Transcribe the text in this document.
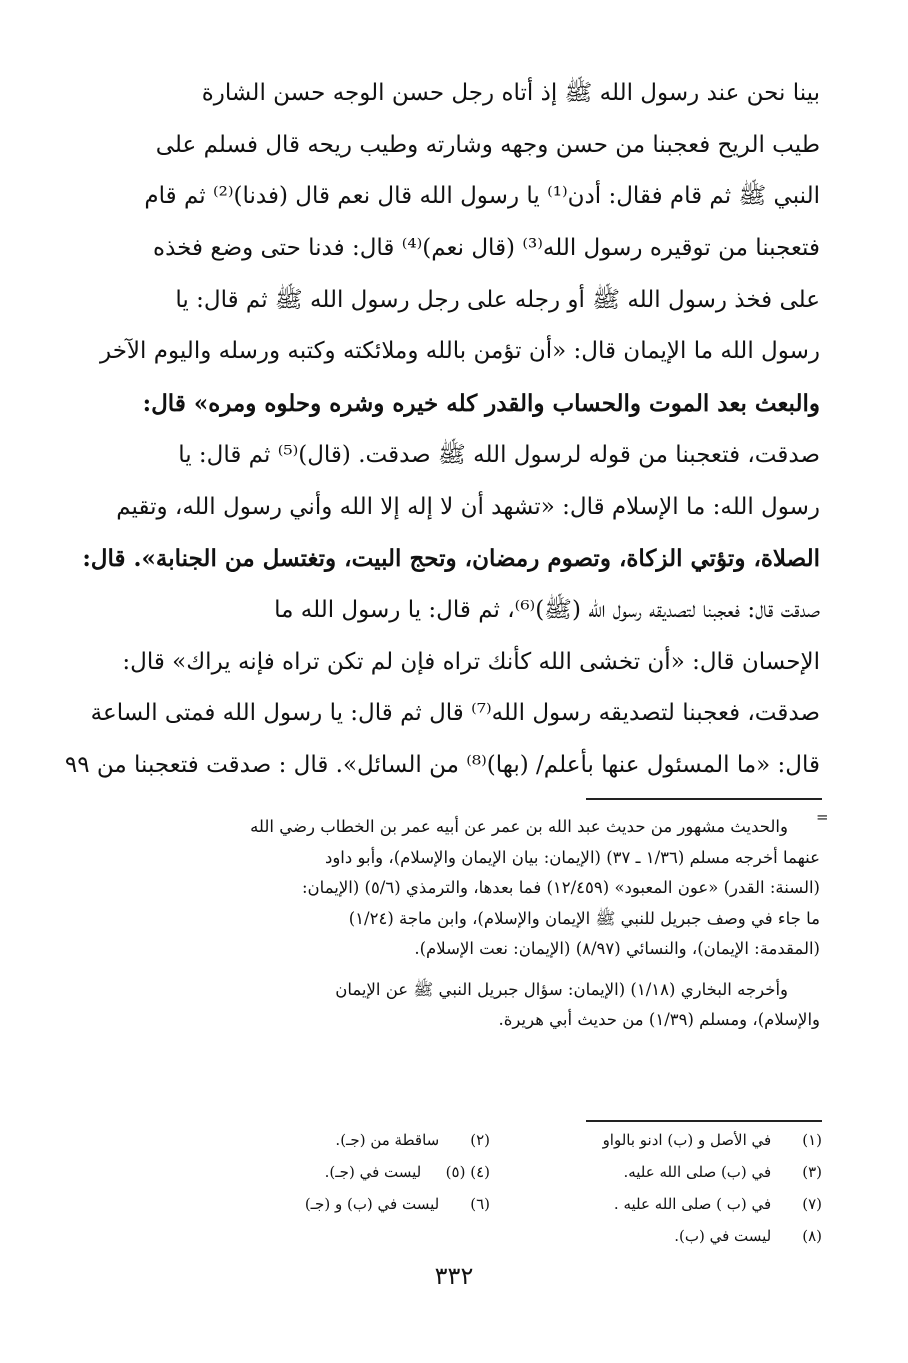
بينا نحن عند رسول الله ﷺ إذ أتاه رجل حسن الوجه حسن الشارة
طيب الريح فعجبنا من حسن وجهه وشارته وطيب ريحه قال فسلم على
النبي ﷺ ثم قام فقال: أدن⁽¹⁾ يا رسول الله قال نعم قال (فدنا)⁽²⁾ ثم قام
فتعجبنا من توقيره رسول الله⁽³⁾ (قال نعم)⁽⁴⁾ قال: فدنا حتى وضع فخذه
على فخذ رسول الله ﷺ أو رجله على رجل رسول الله ﷺ ثم قال: يا
رسول الله ما الإيمان قال: «أن تؤمن بالله وملائكته وكتبه ورسله واليوم الآخر
والبعث بعد الموت والحساب والقدر كله خيره وشره وحلوه ومره» قال:
صدقت، فتعجبنا من قوله لرسول الله ﷺ صدقت. (قال)⁽⁵⁾ ثم قال: يا
رسول الله: ما الإسلام قال: «تشهد أن لا إله إلا الله وأني رسول الله، وتقيم
الصلاة، وتؤتي الزكاة، وتصوم رمضان، وتحج البيت، وتغتسل من الجنابة». قال:
صدقت قال: فعجبنا لتصديقه رسول الله (ﷺ)⁽⁶⁾، ثم قال: يا رسول الله ما
الإحسان قال: «أن تخشى الله كأنك تراه فإن لم تكن تراه فإنه يراك» قال:
صدقت، فعجبنا لتصديقه رسول الله⁽⁷⁾ قال ثم قال: يا رسول الله فمتى الساعة
قال: «ما المسئول عنها بأعلم/ (بها)⁽⁸⁾ من السائل». قال : صدقت فتعجبنا من ٩٩
=
والحديث مشهور من حديث عبد الله بن عمر عن أبيه عمر بن الخطاب رضي الله
عنهما أخرجه مسلم (١/٣٦ ـ ٣٧) (الإيمان: بيان الإيمان والإسلام)، وأبو داود
(السنة: القدر) «عون المعبود» (١٢/٤٥٩) فما بعدها، والترمذي (٥/٦) (الإيمان:
ما جاء في وصف جبريل للنبي ﷺ الإيمان والإسلام)، وابن ماجة (١/٢٤)
(المقدمة: الإيمان)، والنسائي (٨/٩٧) (الإيمان: نعت الإسلام).
وأخرجه البخاري (١/١٨) (الإيمان: سؤال جبريل النبي ﷺ عن الإيمان
والإسلام)، ومسلم (١/٣٩) من حديث أبي هريرة.
(١) في الأصل و (ب) ادنو بالواو
(٣) في (ب) صلى الله عليه.
(٧) في (ب ) صلى الله عليه .
(٨) ليست في (ب).
(٢) ساقطة من (جـ).
(٤) (٥) ليست في (جـ).
(٦) ليست في (ب) و (جـ)
٣٣٢
